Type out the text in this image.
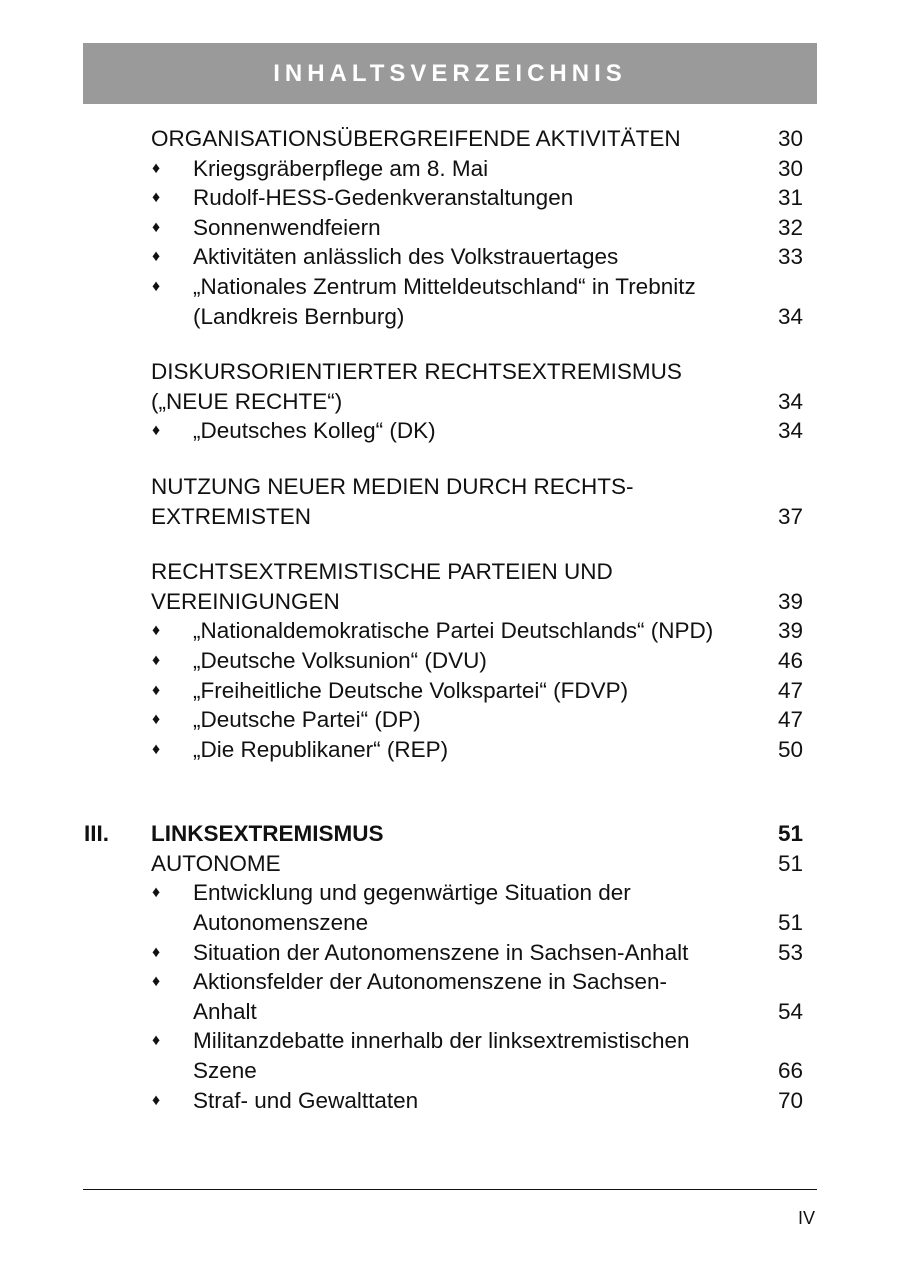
INHALTSVERZEICHNIS
ORGANISATIONSÜBERGREIFENDE AKTIVITÄTEN	30
♦ Kriegsgräberpflege am 8. Mai	30
♦ Rudolf-HESS-Gedenkveranstaltungen	31
♦ Sonnenwendfeiern	32
♦ Aktivitäten anlässlich des Volkstrauertages	33
♦ „Nationales Zentrum Mitteldeutschland“ in Trebnitz
(Landkreis Bernburg)	34
DISKURSORIENTIERTER RECHTSEXTREMISMUS
(„NEUE RECHTE“)	34
♦ „Deutsches Kolleg“ (DK)	34
NUTZUNG NEUER MEDIEN DURCH RECHTS-
EXTREMISTEN	37
RECHTSEXTREMISTISCHE PARTEIEN UND
VEREINIGUNGEN	39
♦ „Nationaldemokratische Partei Deutschlands“ (NPD)	39
♦ „Deutsche Volksunion“ (DVU)	46
♦ „Freiheitliche Deutsche Volkspartei“ (FDVP)	47
♦ „Deutsche Partei“ (DP)	47
♦ „Die Republikaner“ (REP)	50
III. LINKSEXTREMISMUS	51
AUTONOME	51
♦ Entwicklung und gegenwärtige Situation der
Autonomenszene	51
♦ Situation der Autonomenszene in Sachsen-Anhalt	53
♦ Aktionsfelder der Autonomenszene in Sachsen-
Anhalt	54
♦ Militanzdebatte innerhalb der linksextremistischen
Szene	66
♦ Straf- und Gewalttaten	70
IV
